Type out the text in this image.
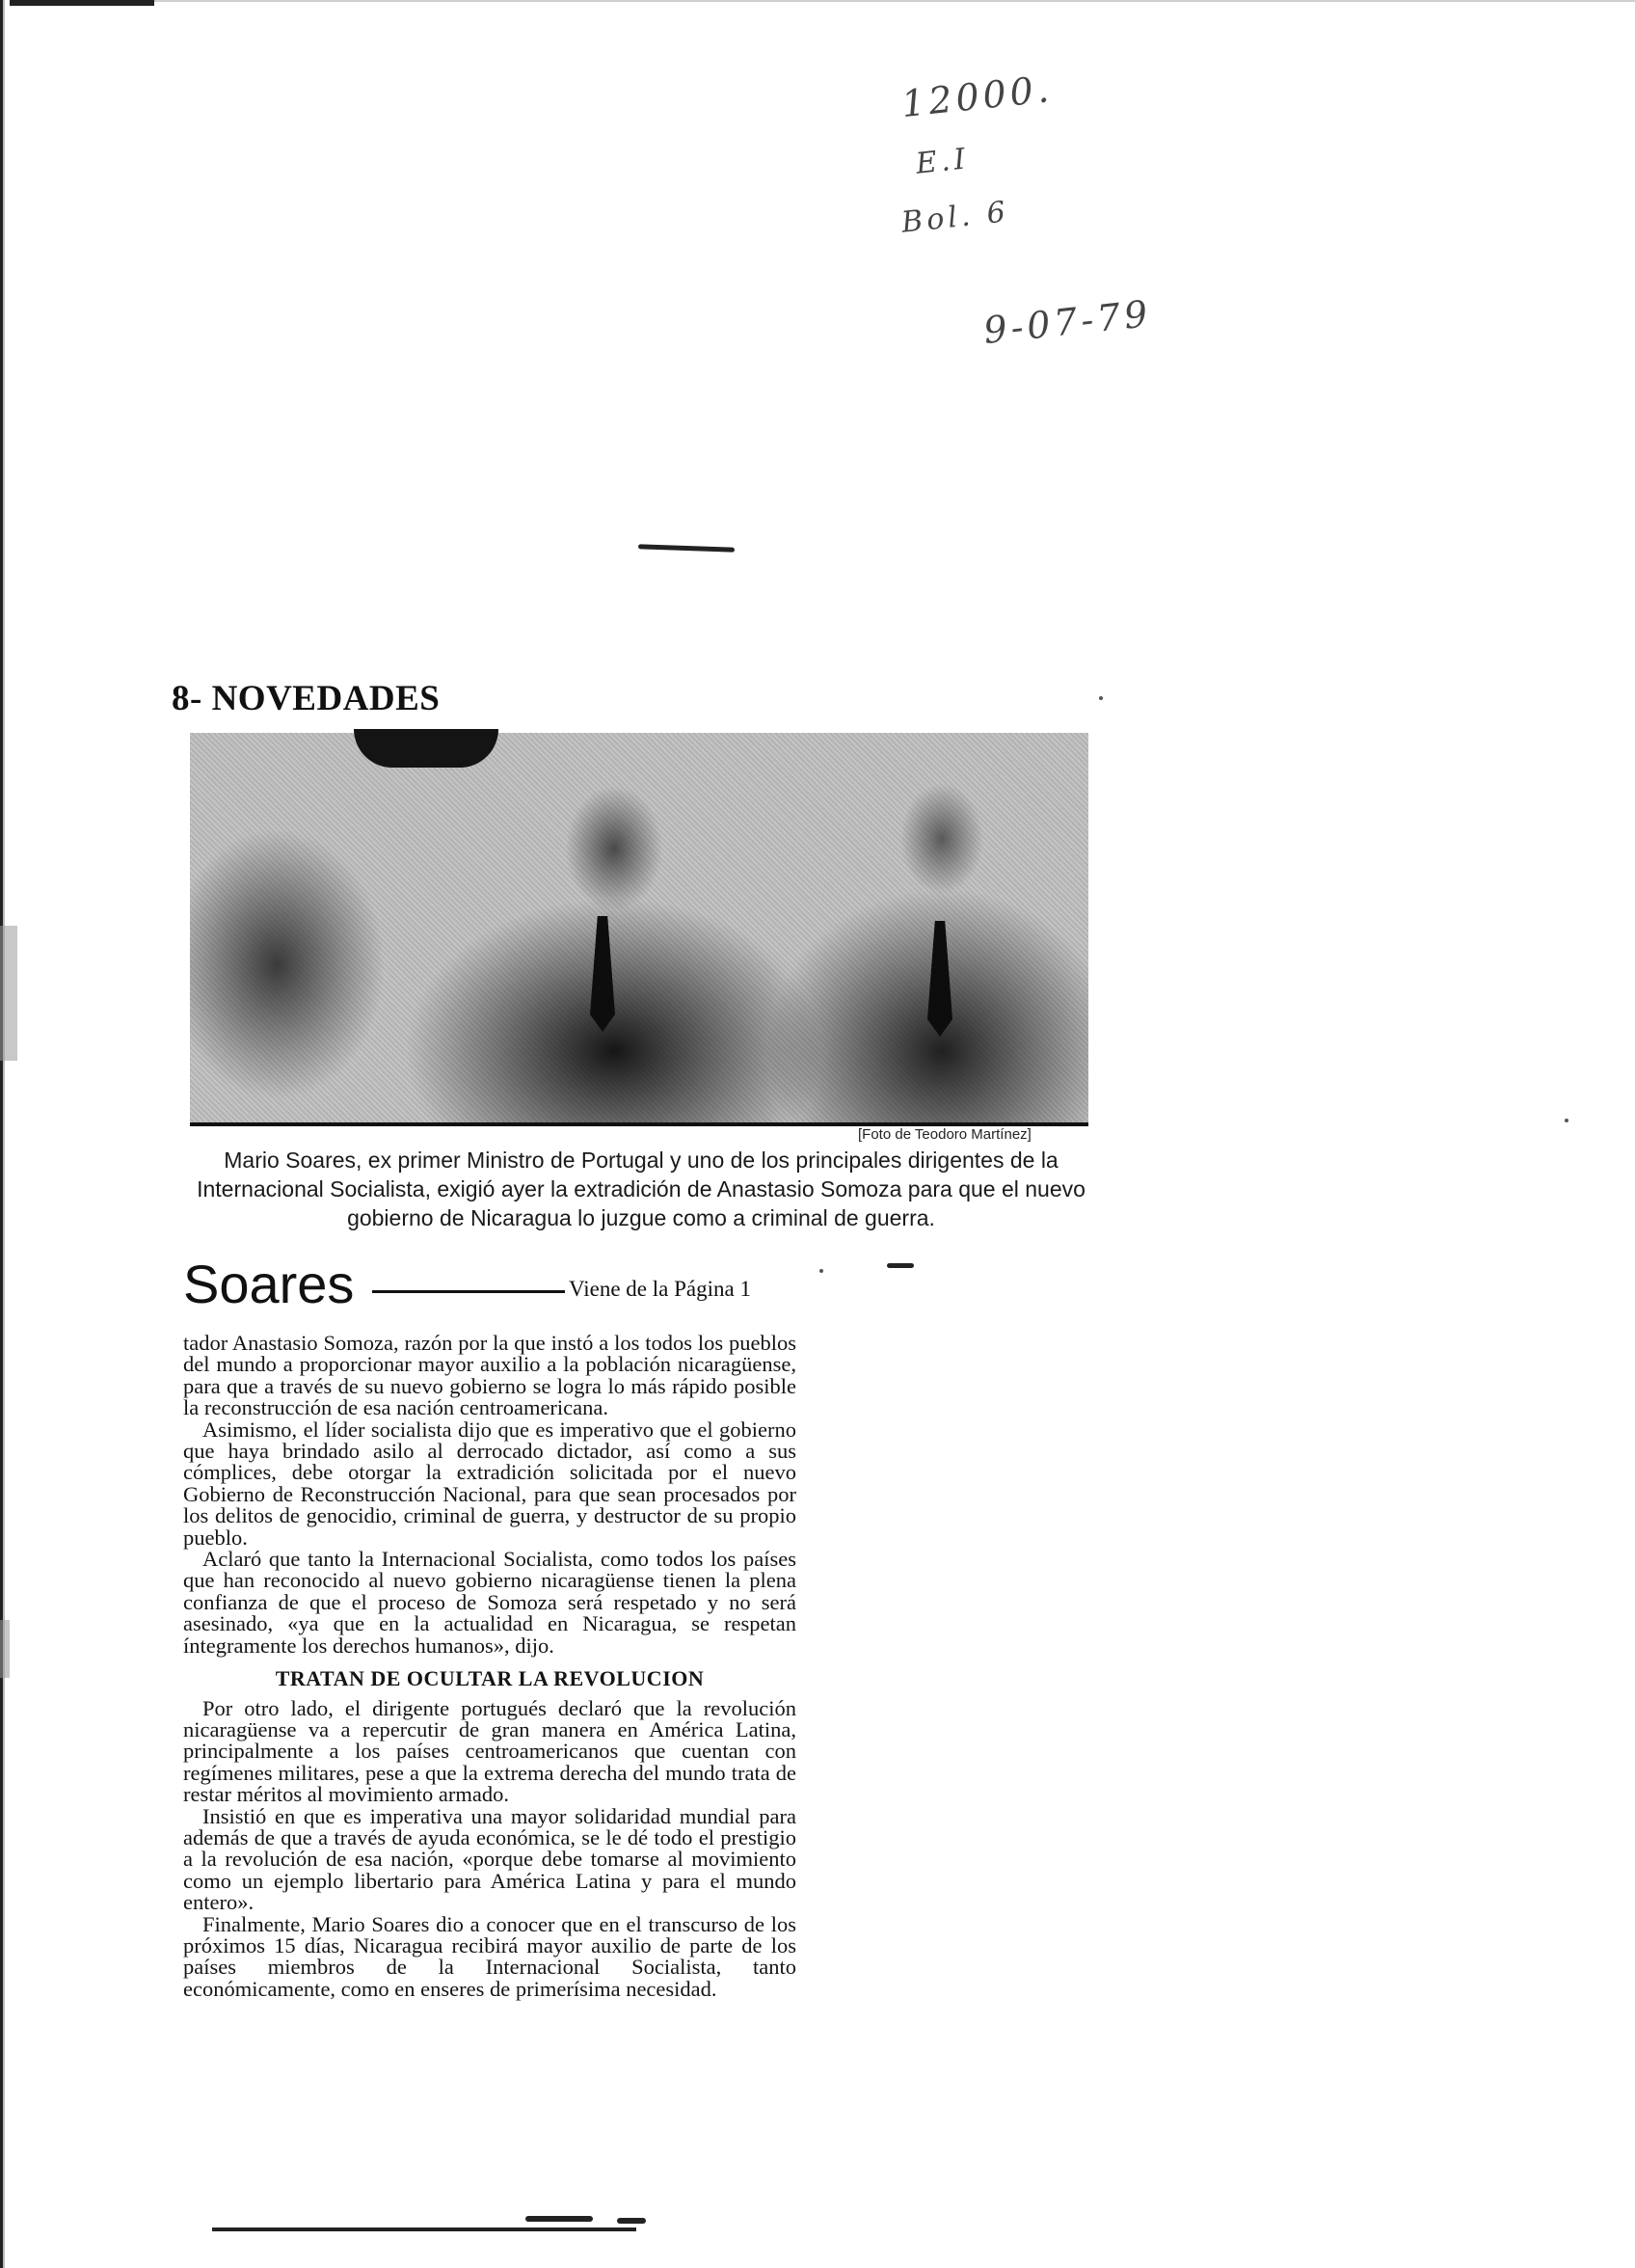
12000.
E.I
Bol. 6
9-07-79
8- NOVEDADES
[Foto de Teodoro Martínez]
Mario Soares, ex primer Ministro de Portugal y uno de los principales dirigentes de la Internacional Socialista, exigió ayer la extradición de Anastasio Somoza para que el nuevo gobierno de Nicaragua lo juzgue como a criminal de guerra.
Soares	Viene de la Página 1

tador Anastasio Somoza, razón por la que instó a los todos los pueblos del mundo a proporcionar mayor auxilio a la población nicaragüense, para que a través de su nuevo gobierno se logra lo más rápido posible la reconstrucción de esa nación centroamericana.

Asimismo, el líder socialista dijo que es imperativo que el gobierno que haya brindado asilo al derrocado dictador, así como a sus cómplices, debe otorgar la extradición solicitada por el nuevo Gobierno de Reconstrucción Nacional, para que sean procesados por los delitos de genocidio, criminal de guerra, y destructor de su propio pueblo.

Aclaró que tanto la Internacional Socialista, como todos los países que han reconocido al nuevo gobierno nicaragüense tienen la plena confianza de que el proceso de Somoza será respetado y no será asesinado, «ya que en la actualidad en Nicaragua, se respetan íntegramente los derechos humanos», dijo.

TRATAN DE OCULTAR LA REVOLUCION

Por otro lado, el dirigente portugués declaró que la revolución nicaragüense va a repercutir de gran manera en América Latina, principalmente a los países centroamericanos que cuentan con regímenes militares, pese a que la extrema derecha del mundo trata de restar méritos al movimiento armado.

Insistió en que es imperativa una mayor solidaridad mundial para además de que a través de ayuda económica, se le dé todo el prestigio a la revolución de esa nación, «porque debe tomarse al movimiento como un ejemplo libertario para América Latina y para el mundo entero».

Finalmente, Mario Soares dio a conocer que en el transcurso de los próximos 15 días, Nicaragua recibirá mayor auxilio de parte de los países miembros de la Internacional Socialista, tanto económicamente, como en enseres de primerísima necesidad.
